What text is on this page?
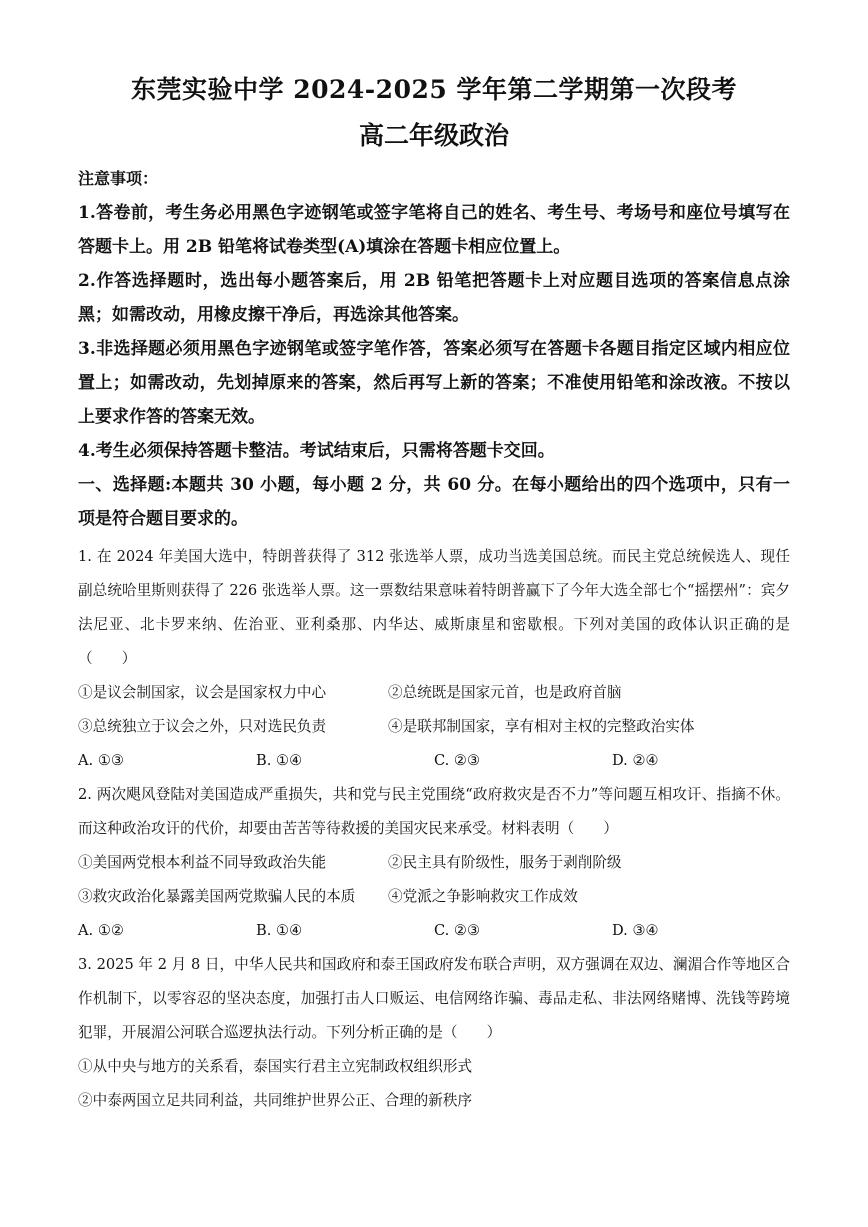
东莞实验中学 2024-2025 学年第二学期第一次段考
高二年级政治

注意事项：

1.答卷前，考生务必用黑色字迹钢笔或签字笔将自己的姓名、考生号、考场号和座位号填写在答题卡上。用 2B 铅笔将试卷类型(A)填涂在答题卡相应位置上。

2.作答选择题时，选出每小题答案后，用 2B 铅笔把答题卡上对应题目选项的答案信息点涂黑；如需改动，用橡皮擦干净后，再选涂其他答案。

3.非选择题必须用黑色字迹钢笔或签字笔作答，答案必须写在答题卡各题目指定区域内相应位置上；如需改动，先划掉原来的答案，然后再写上新的答案；不准使用铅笔和涂改液。不按以上要求作答的答案无效。

4.考生必须保持答题卡整洁。考试结束后，只需将答题卡交回。

一、选择题:本题共 30 小题，每小题 2 分，共 60 分。在每小题给出的四个选项中，只有一项是符合题目要求的。

1. 在 2024 年美国大选中，特朗普获得了 312 张选举人票，成功当选美国总统。而民主党总统候选人、现任副总统哈里斯则获得了 226 张选举人票。这一票数结果意味着特朗普赢下了今年大选全部七个“摇摆州”：宾夕法尼亚、北卡罗来纳、佐治亚、亚利桑那、内华达、威斯康星和密歇根。下列对美国的政体认识正确的是（　　）

①是议会制国家，议会是国家权力中心	②总统既是国家元首，也是政府首脑
③总统独立于议会之外，只对选民负责	④是联邦制国家，享有相对主权的完整政治实体
A. ①③	B. ①④	C. ②③	D. ②④

2. 两次飓风登陆对美国造成严重损失，共和党与民主党围绕“政府救灾是否不力”等问题互相攻讦、指摘不休。而这种政治攻讦的代价，却要由苦苦等待救援的美国灾民来承受。材料表明（　　）

①美国两党根本利益不同导致政治失能	②民主具有阶级性，服务于剥削阶级
③救灾政治化暴露美国两党欺骗人民的本质	④党派之争影响救灾工作成效
A. ①②	B. ①④	C. ②③	D. ③④

3. 2025 年 2 月 8 日，中华人民共和国政府和泰王国政府发布联合声明，双方强调在双边、澜湄合作等地区合作机制下，以零容忍的坚决态度，加强打击人口贩运、电信网络诈骗、毒品走私、非法网络赌博、洗钱等跨境犯罪，开展湄公河联合巡逻执法行动。下列分析正确的是（　　）

①从中央与地方的关系看，泰国实行君主立宪制政权组织形式
②中泰两国立足共同利益，共同维护世界公正、合理的新秩序
